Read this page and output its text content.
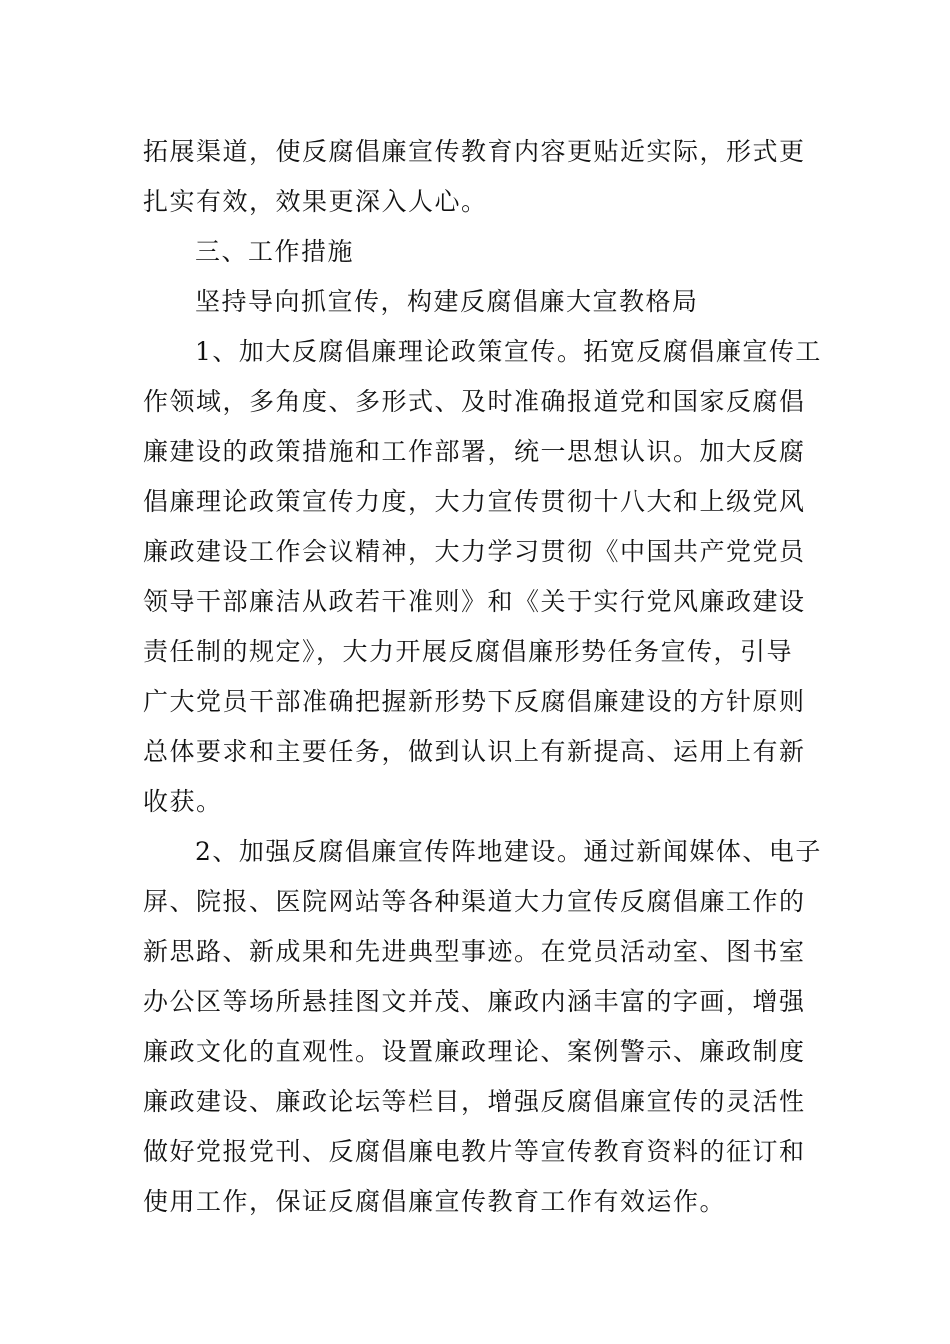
拓展渠道，使反腐倡廉宣传教育内容更贴近实际，形式更
扎实有效，效果更深入人心。
三、工作措施
坚持导向抓宣传，构建反腐倡廉大宣教格局
1、加大反腐倡廉理论政策宣传。拓宽反腐倡廉宣传工
作领域，多角度、多形式、及时准确报道党和国家反腐倡
廉建设的政策措施和工作部署，统一思想认识。加大反腐
倡廉理论政策宣传力度，大力宣传贯彻十八大和上级党风
廉政建设工作会议精神，大力学习贯彻《中国共产党党员
领导干部廉洁从政若干准则》和《关于实行党风廉政建设
责任制的规定》，大力开展反腐倡廉形势任务宣传，引导
广大党员干部准确把握新形势下反腐倡廉建设的方针原则
总体要求和主要任务，做到认识上有新提高、运用上有新
收获。
2、加强反腐倡廉宣传阵地建设。通过新闻媒体、电子
屏、院报、医院网站等各种渠道大力宣传反腐倡廉工作的
新思路、新成果和先进典型事迹。在党员活动室、图书室
办公区等场所悬挂图文并茂、廉政内涵丰富的字画，增强
廉政文化的直观性。设置廉政理论、案例警示、廉政制度
廉政建设、廉政论坛等栏目，增强反腐倡廉宣传的灵活性
做好党报党刊、反腐倡廉电教片等宣传教育资料的征订和
使用工作，保证反腐倡廉宣传教育工作有效运作。
